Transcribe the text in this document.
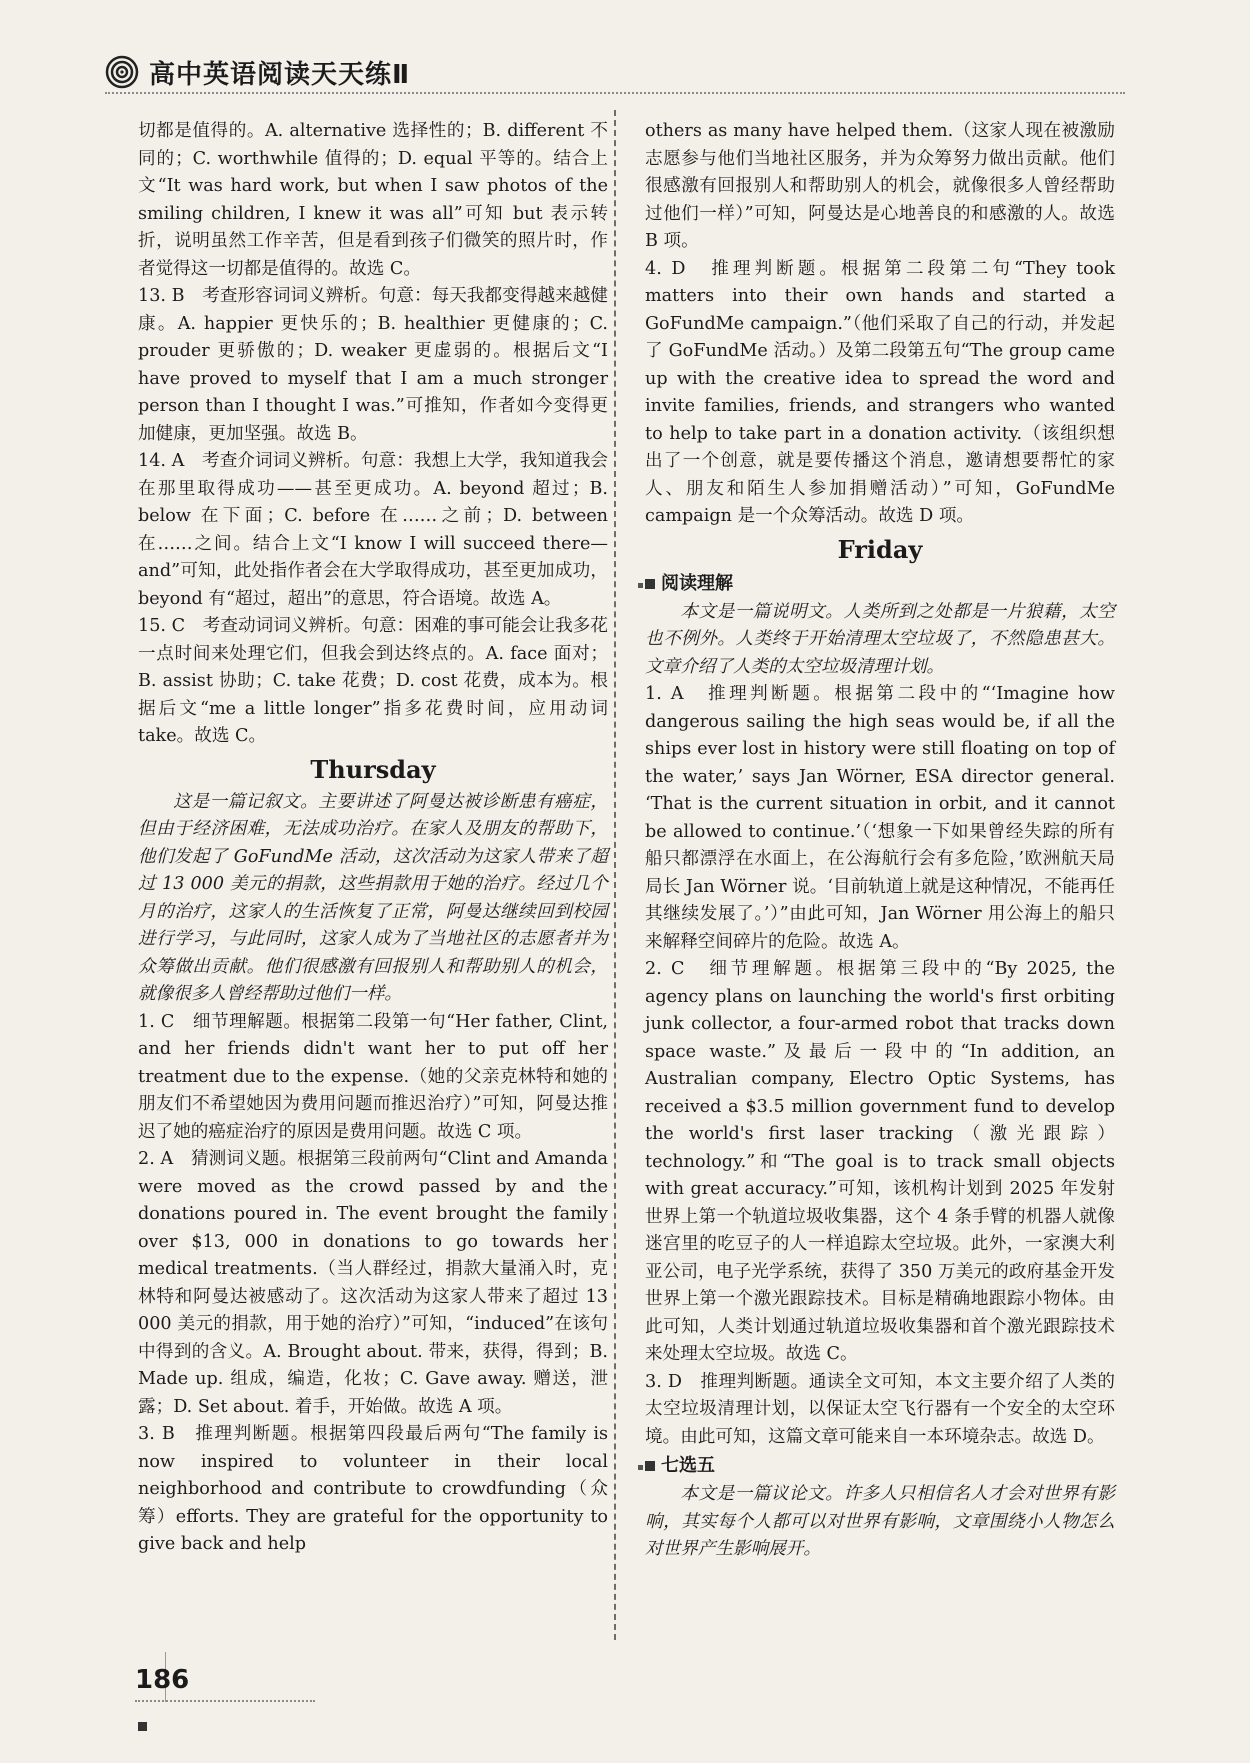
高中英语阅读天天练Ⅱ

切都是值得的。A. alternative 选择性的；B. different 不同的；C. worthwhile 值得的；D. equal 平等的。结合上文“It was hard work, but when I saw photos of the smiling children, I knew it was all”可知 but 表示转折，说明虽然工作辛苦，但是看到孩子们微笑的照片时，作者觉得这一切都是值得的。故选 C。

13. B　考查形容词词义辨析。句意：每天我都变得越来越健康。A. happier 更快乐的；B. healthier 更健康的；C. prouder 更骄傲的；D. weaker 更虚弱的。根据后文“I have proved to myself that I am a much stronger person than I thought I was.”可推知，作者如今变得更加健康，更加坚强。故选 B。

14. A　考查介词词义辨析。句意：我想上大学，我知道我会在那里取得成功——甚至更成功。A. beyond 超过；B. below 在下面；C. before 在……之前；D. between 在……之间。结合上文“I know I will succeed there—and”可知，此处指作者会在大学取得成功，甚至更加成功，beyond 有“超过，超出”的意思，符合语境。故选 A。

15. C　考查动词词义辨析。句意：困难的事可能会让我多花一点时间来处理它们，但我会到达终点的。A. face 面对；B. assist 协助；C. take 花费；D. cost 花费，成本为。根据后文“me a little longer”指多花费时间，应用动词 take。故选 C。

Thursday

这是一篇记叙文。主要讲述了阿曼达被诊断患有癌症，但由于经济困难，无法成功治疗。在家人及朋友的帮助下，他们发起了 GoFundMe 活动，这次活动为这家人带来了超过 13 000 美元的捐款，这些捐款用于她的治疗。经过几个月的治疗，这家人的生活恢复了正常，阿曼达继续回到校园进行学习，与此同时，这家人成为了当地社区的志愿者并为众筹做出贡献。他们很感激有回报别人和帮助别人的机会，就像很多人曾经帮助过他们一样。

1. C　细节理解题。根据第二段第一句“Her father, Clint, and her friends didn't want her to put off her treatment due to the expense.（她的父亲克林特和她的朋友们不希望她因为费用问题而推迟治疗）”可知，阿曼达推迟了她的癌症治疗的原因是费用问题。故选 C 项。

2. A　猜测词义题。根据第三段前两句“Clint and Amanda were moved as the crowd passed by and the donations poured in. The event brought the family over $13, 000 in donations to go towards her medical treatments.（当人群经过，捐款大量涌入时，克林特和阿曼达被感动了。这次活动为这家人带来了超过 13 000 美元的捐款，用于她的治疗）”可知，“induced”在该句中得到的含义。A. Brought about. 带来，获得，得到；B. Made up. 组成，编造，化妆；C. Gave away. 赠送，泄露；D. Set about. 着手，开始做。故选 A 项。

3. B　推理判断题。根据第四段最后两句“The family is now inspired to volunteer in their local neighborhood and contribute to crowdfunding（众筹）efforts. They are grateful for the opportunity to give back and help

others as many have helped them.（这家人现在被激励志愿参与他们当地社区服务，并为众筹努力做出贡献。他们很感激有回报别人和帮助别人的机会，就像很多人曾经帮助过他们一样）”可知，阿曼达是心地善良的和感激的人。故选 B 项。

4. D　推理判断题。根据第二段第二句“They took matters into their own hands and started a GoFundMe campaign.”（他们采取了自己的行动，并发起了 GoFundMe 活动。）及第二段第五句“The group came up with the creative idea to spread the word and invite families, friends, and strangers who wanted to help to take part in a donation activity.（该组织想出了一个创意，就是要传播这个消息，邀请想要帮忙的家人、朋友和陌生人参加捐赠活动）”可知，GoFundMe campaign 是一个众筹活动。故选 D 项。

Friday
阅读理解

本文是一篇说明文。人类所到之处都是一片狼藉，太空也不例外。人类终于开始清理太空垃圾了，不然隐患甚大。文章介绍了人类的太空垃圾清理计划。

1. A　推理判断题。根据第二段中的“‘Imagine how dangerous sailing the high seas would be, if all the ships ever lost in history were still floating on top of the water,’ says Jan Wörner, ESA director general. ‘That is the current situation in orbit, and it cannot be allowed to continue.’（‘想象一下如果曾经失踪的所有船只都漂浮在水面上，在公海航行会有多危险，’欧洲航天局局长 Jan Wörner 说。‘目前轨道上就是这种情况，不能再任其继续发展了。’）”由此可知，Jan Wörner 用公海上的船只来解释空间碎片的危险。故选 A。

2. C　细节理解题。根据第三段中的“By 2025, the agency plans on launching the world's first orbiting junk collector, a four-armed robot that tracks down space waste.”及最后一段中的“In addition, an Australian company, Electro Optic Systems, has received a $3.5 million government fund to develop the world's first laser tracking（激光跟踪）technology.”和“The goal is to track small objects with great accuracy.”可知，该机构计划到 2025 年发射世界上第一个轨道垃圾收集器，这个 4 条手臂的机器人就像迷宫里的吃豆子的人一样追踪太空垃圾。此外，一家澳大利亚公司，电子光学系统，获得了 350 万美元的政府基金开发世界上第一个激光跟踪技术。目标是精确地跟踪小物体。由此可知，人类计划通过轨道垃圾收集器和首个激光跟踪技术来处理太空垃圾。故选 C。

3. D　推理判断题。通读全文可知，本文主要介绍了人类的太空垃圾清理计划，以保证太空飞行器有一个安全的太空环境。由此可知，这篇文章可能来自一本环境杂志。故选 D。

七选五

本文是一篇议论文。许多人只相信名人才会对世界有影响，其实每个人都可以对世界有影响，文章围绕小人物怎么对世界产生影响展开。

186
